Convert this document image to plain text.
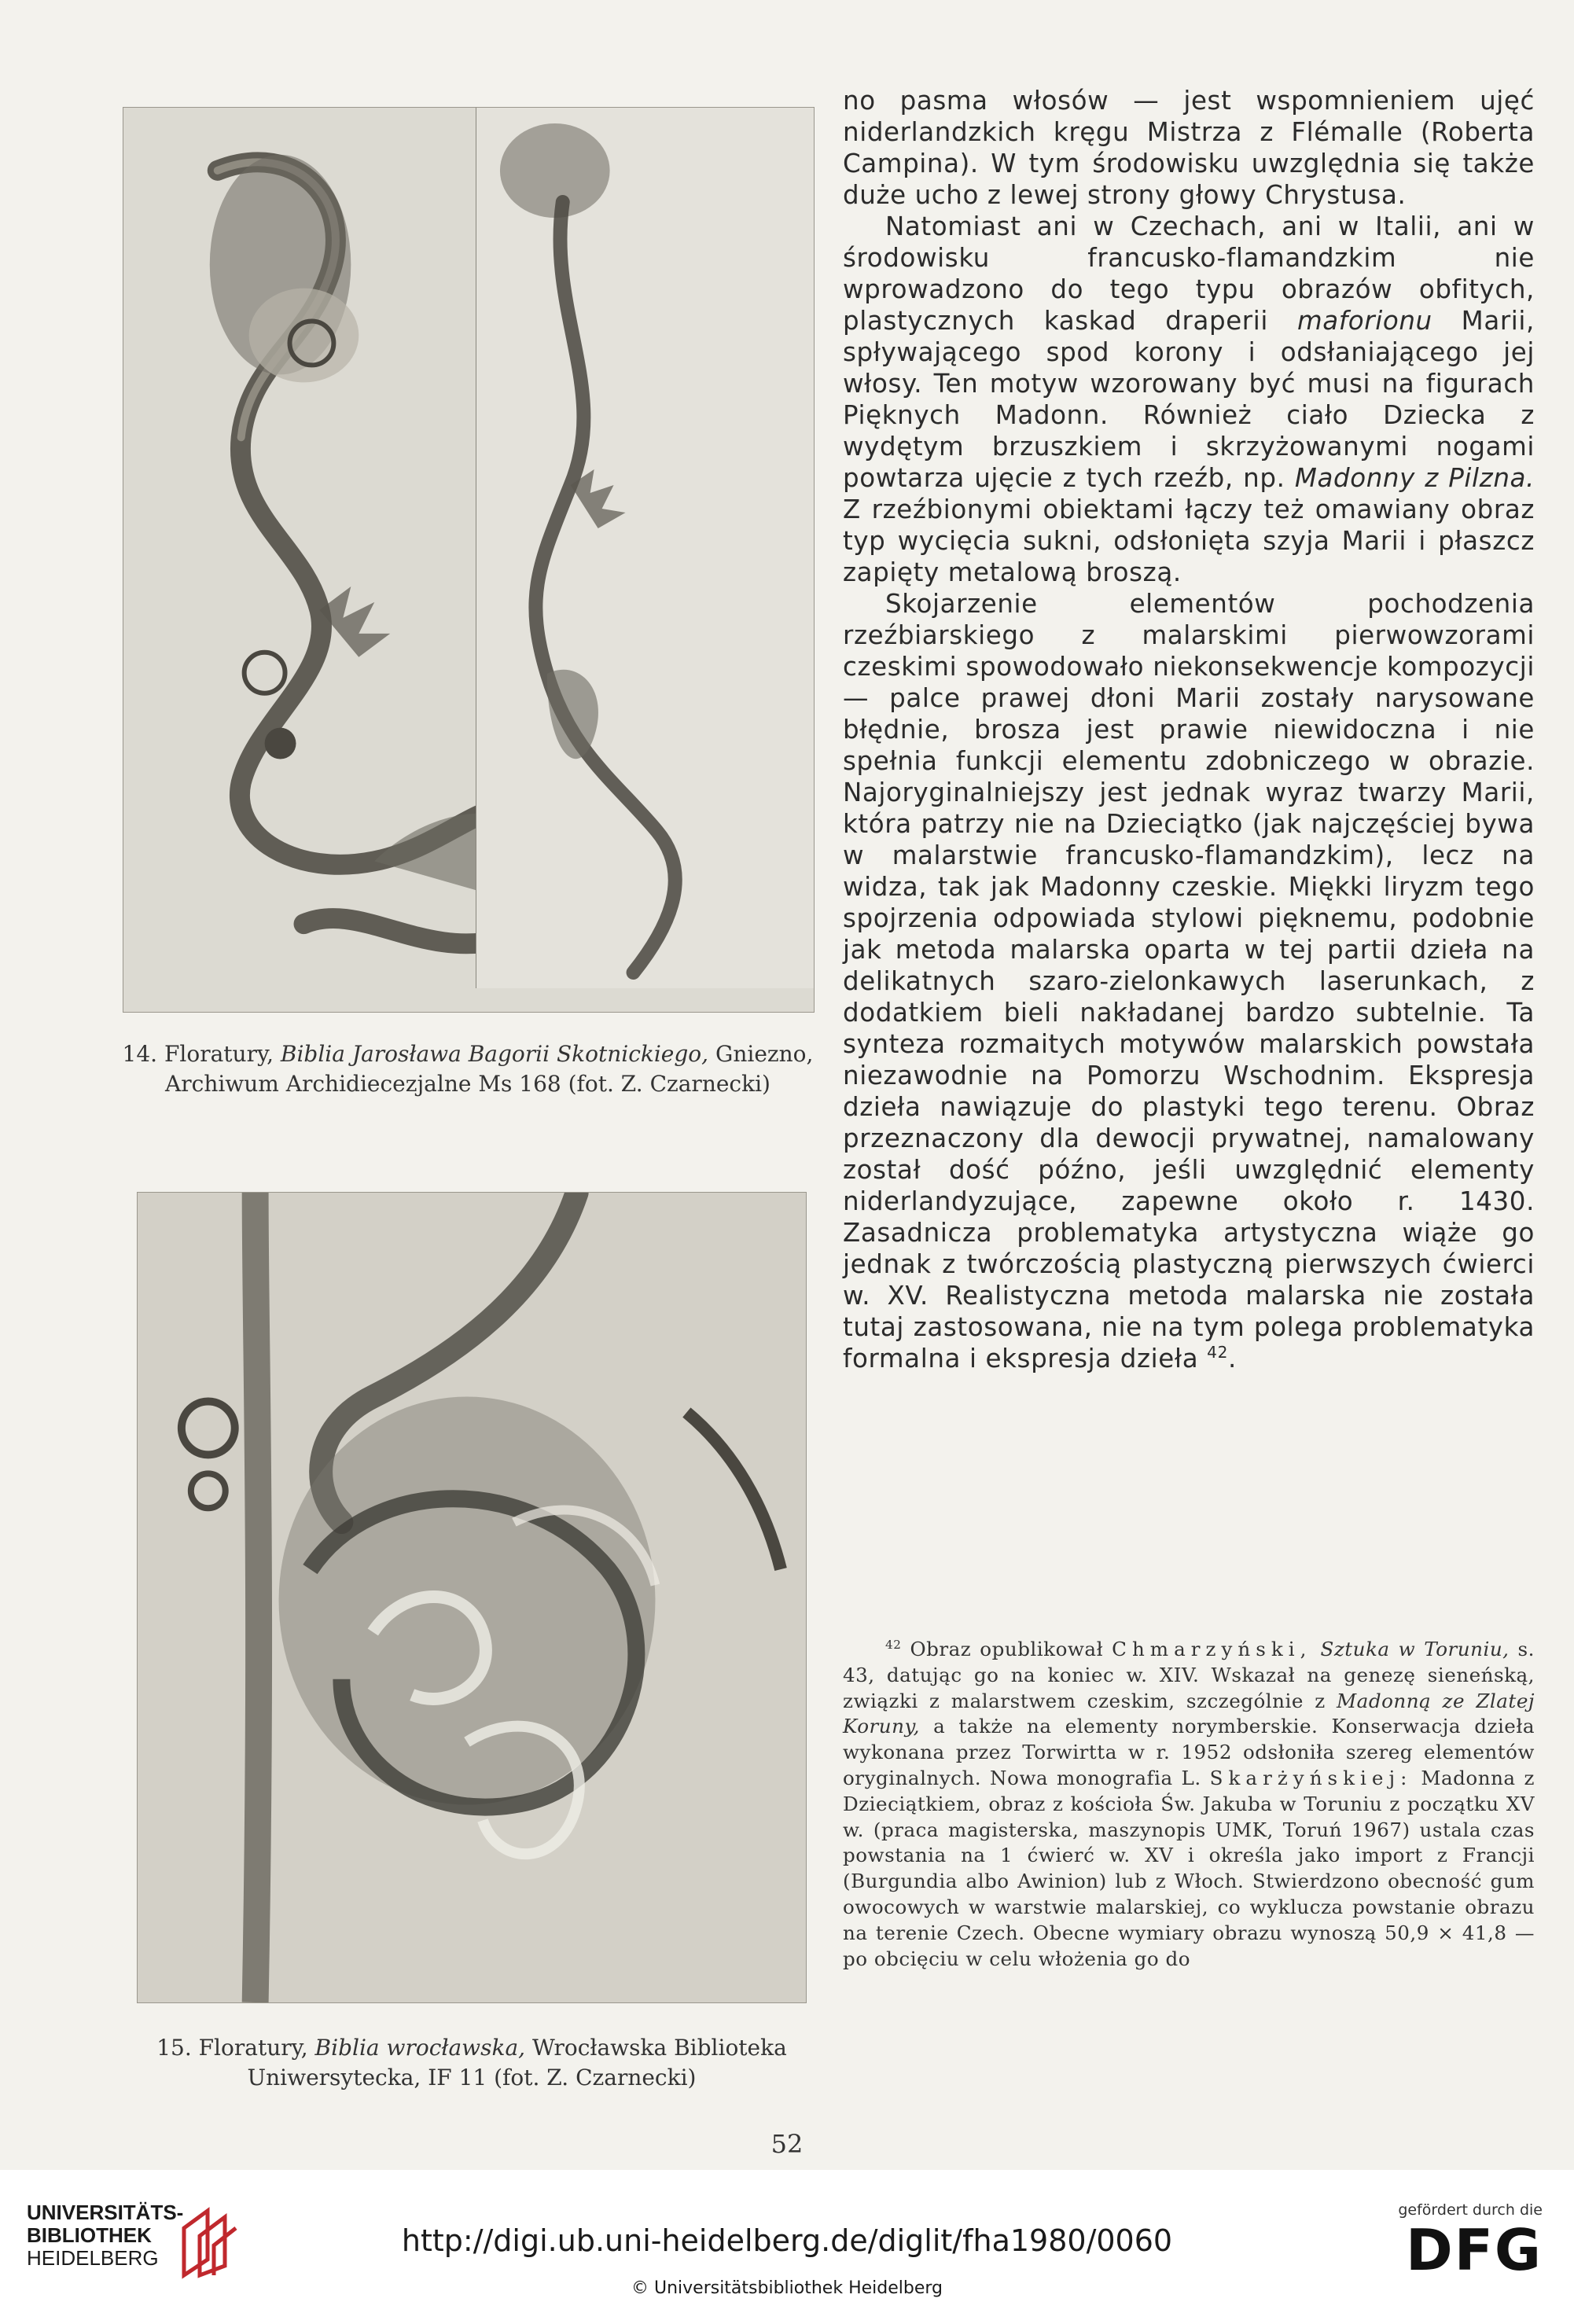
14. Floratury, Biblia Jarosława Bagorii Skotnickiego, Gniezno, Archiwum Archidiecezjalne Ms 168 (fot. Z. Czarnecki)
15. Floratury, Biblia wrocławska, Wrocławska Biblioteka Uniwersytecka, IF 11 (fot. Z. Czarnecki)

no pasma włosów — jest wspomnieniem ujęć niderlandzkich kręgu Mistrza z Flémalle (Roberta Campina). W tym środowisku uwzględnia się także duże ucho z lewej strony głowy Chrystusa.

Natomiast ani w Czechach, ani w Italii, ani w środowisku francusko-flamandzkim nie wprowadzono do tego typu obrazów obfitych, plastycznych kaskad draperii maforionu Marii, spływającego spod korony i odsłaniającego jej włosy. Ten motyw wzorowany być musi na figurach Pięknych Madonn. Również ciało Dziecka z wydętym brzuszkiem i skrzyżowanymi nogami powtarza ujęcie z tych rzeźb, np. Madonny z Pilzna. Z rzeźbionymi obiektami łączy też omawiany obraz typ wycięcia sukni, odsłonięta szyja Marii i płaszcz zapięty metalową broszą.

Skojarzenie elementów pochodzenia rzeźbiarskiego z malarskimi pierwowzorami czeskimi spowodowało niekonsekwencje kompozycji — palce prawej dłoni Marii zostały narysowane błędnie, brosza jest prawie niewidoczna i nie spełnia funkcji elementu zdobniczego w obrazie. Najoryginalniejszy jest jednak wyraz twarzy Marii, która patrzy nie na Dzieciątko (jak najczęściej bywa w malarstwie francusko-flamandzkim), lecz na widza, tak jak Madonny czeskie. Miękki liryzm tego spojrzenia odpowiada stylowi pięknemu, podobnie jak metoda malarska oparta w tej partii dzieła na delikatnych szaro-zielonkawych laserunkach, z dodatkiem bieli nakładanej bardzo subtelnie. Ta synteza rozmaitych motywów malarskich powstała niezawodnie na Pomorzu Wschodnim. Ekspresja dzieła nawiązuje do plastyki tego terenu. Obraz przeznaczony dla dewocji prywatnej, namalowany został dość późno, jeśli uwzględnić elementy niderlandyzujące, zapewne około r. 1430. Zasadnicza problematyka artystyczna wiąże go jednak z twórczością plastyczną pierwszych ćwierci w. XV. Realistyczna metoda malarska nie została tutaj zastosowana, nie na tym polega problematyka formalna i ekspresja dzieła $^{42}$.

$^{42}$ Obraz opublikował Chmarzyński, Sztuka w Toruniu, s. 43, datując go na koniec w. XIV. Wskazał na genezę sieneńską, związki z malarstwem czeskim, szczególnie z Madonną ze Zlatej Koruny, a także na elementy norymberskie. Konserwacja dzieła wykonana przez Torwirtta w r. 1952 odsłoniła szereg elementów oryginalnych. Nowa monografia L. Skarżyńskiej: Madonna z Dzieciątkiem, obraz z kościoła Św. Jakuba w Toruniu z początku XV w. (praca magisterska, maszynopis UMK, Toruń 1967) ustala czas powstania na 1 ćwierć w. XV i określa jako import z Francji (Burgundia albo Awinion) lub z Włoch. Stwierdzono obecność gum owocowych w warstwie malarskiej, co wyklucza powstanie obrazu na terenie Czech. Obecne wymiary obrazu wynoszą 50,9 × 41,8 — po obcięciu w celu włożenia go do
52
UNIVERSITÄTS-
BIBLIOTHEK
HEIDELBERG	http://digi.ub.uni-heidelberg.de/diglit/fha1980/0060
© Universitätsbibliothek Heidelberg
gefördert durch die
DFG
